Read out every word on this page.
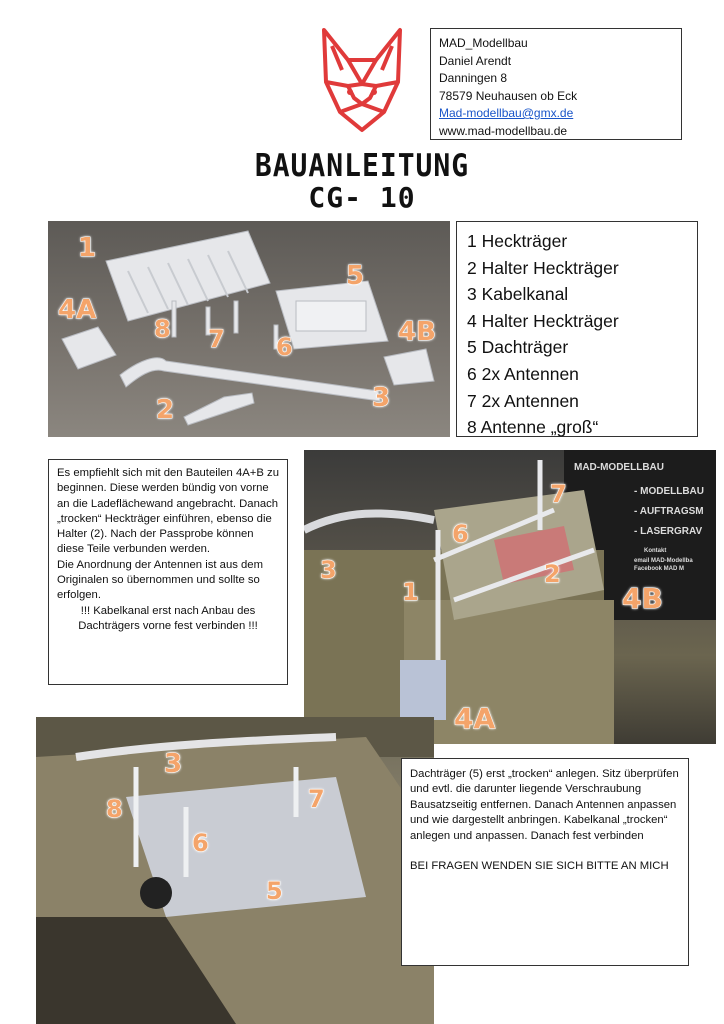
MAD_Modellbau
Daniel Arendt
Danningen 8
78579 Neuhausen ob Eck
Mad-modellbau@gmx.de
www.mad-modellbau.de
BAUANLEITUNG
CG- 10
1
4A
8 7 6
5
4B
2	3
1 Heckträger
2 Halter Heckträger
3 Kabelkanal
4 Halter Heckträger
5 Dachträger
6 2x Antennen
7 2x Antennen
8 Antenne „groß“

Es empfiehlt sich mit den Bauteilen 4A+B zu beginnen. Diese werden bündig von vorne an die Ladeflächewand angebracht. Danach „trocken“ Heckträger einführen, ebenso die Halter (2). Nach der Passprobe können diese Teile verbunden werden.

Die Anordnung der Antennen ist aus dem Originalen so übernommen und sollte so erfolgen.

!!! Kabelkanal erst nach Anbau des Dachträgers vorne fest verbinden !!!

MAD-MODELLBAU
- MODELLBAU
- AUFTRAGSM
- LASERGRAV
Kontakt
email MAD-Modellba
Facebook MAD M
7
6
3
1
2
4B
4A
3
8
6
7
5

Dachträger (5) erst „trocken“ anlegen. Sitz überprüfen und evtl. die darunter liegende Verschraubung Bausatzseitig entfernen. Danach Antennen anpassen und wie dargestellt anbringen. Kabelkanal „trocken“ anlegen und anpassen. Danach fest verbinden

BEI FRAGEN WENDEN SIE SICH BITTE AN MICH
